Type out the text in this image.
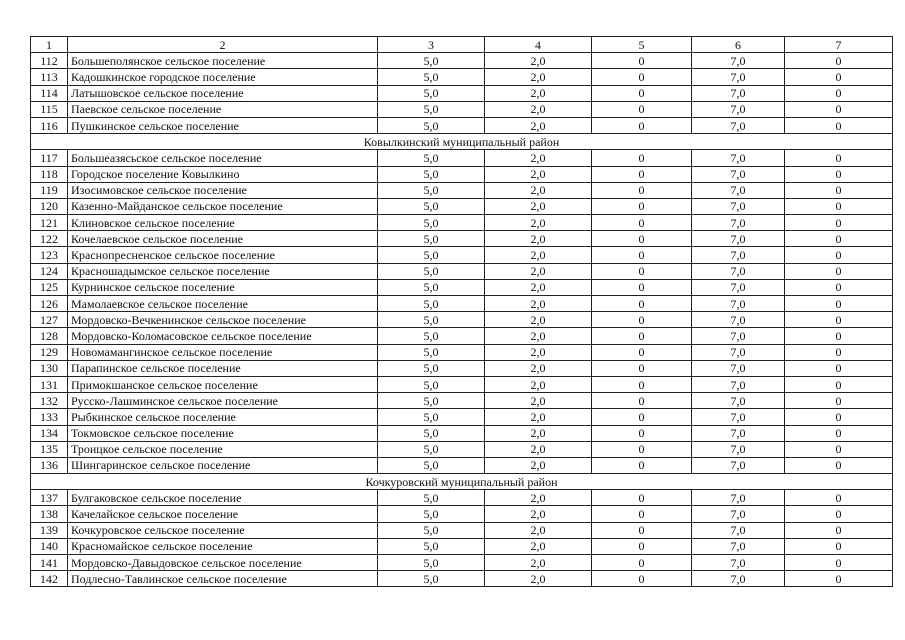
1	2	3	4	5	6	7
112	Большеполянское сельское поселение	5,0	2,0	0	7,0	0
113	Кадошкинское городское поселение	5,0	2,0	0	7,0	0
114	Латышовское сельское поселение	5,0	2,0	0	7,0	0
115	Паевское сельское поселение	5,0	2,0	0	7,0	0
116	Пушкинское сельское поселение	5,0	2,0	0	7,0	0
Ковылкинский муниципальный район						
117	Большеазясьское сельское поселение	5,0	2,0	0	7,0	0
118	Городское поселение Ковылкино	5,0	2,0	0	7,0	0
119	Изосимовское сельское поселение	5,0	2,0	0	7,0	0
120	Казенно-Майданское сельское поселение	5,0	2,0	0	7,0	0
121	Клиновское сельское поселение	5,0	2,0	0	7,0	0
122	Кочелаевское сельское поселение	5,0	2,0	0	7,0	0
123	Краснопресненское сельское поселение	5,0	2,0	0	7,0	0
124	Красношадымское сельское поселение	5,0	2,0	0	7,0	0
125	Курнинское сельское поселение	5,0	2,0	0	7,0	0
126	Мамолаевское сельское поселение	5,0	2,0	0	7,0	0
127	Мордовско-Вечкенинское сельское поселение	5,0	2,0	0	7,0	0
128	Мордовско-Коломасовское сельское поселение	5,0	2,0	0	7,0	0
129	Новомамангинское сельское поселение	5,0	2,0	0	7,0	0
130	Парапинское сельское поселение	5,0	2,0	0	7,0	0
131	Примокшанское сельское поселение	5,0	2,0	0	7,0	0
132	Русско-Лашминское сельское поселение	5,0	2,0	0	7,0	0
133	Рыбкинское сельское поселение	5,0	2,0	0	7,0	0
134	Токмовское сельское поселение	5,0	2,0	0	7,0	0
135	Троицкое сельское поселение	5,0	2,0	0	7,0	0
136	Шингаринское сельское поселение	5,0	2,0	0	7,0	0
Кочкуровский муниципальный район						
137	Булгаковское сельское поселение	5,0	2,0	0	7,0	0
138	Качелайское сельское поселение	5,0	2,0	0	7,0	0
139	Кочкуровское сельское поселение	5,0	2,0	0	7,0	0
140	Красномайское сельское поселение	5,0	2,0	0	7,0	0
141	Мордовско-Давыдовское сельское поселение	5,0	2,0	0	7,0	0
142	Подлесно-Тавлинское сельское поселение	5,0	2,0	0	7,0	0
